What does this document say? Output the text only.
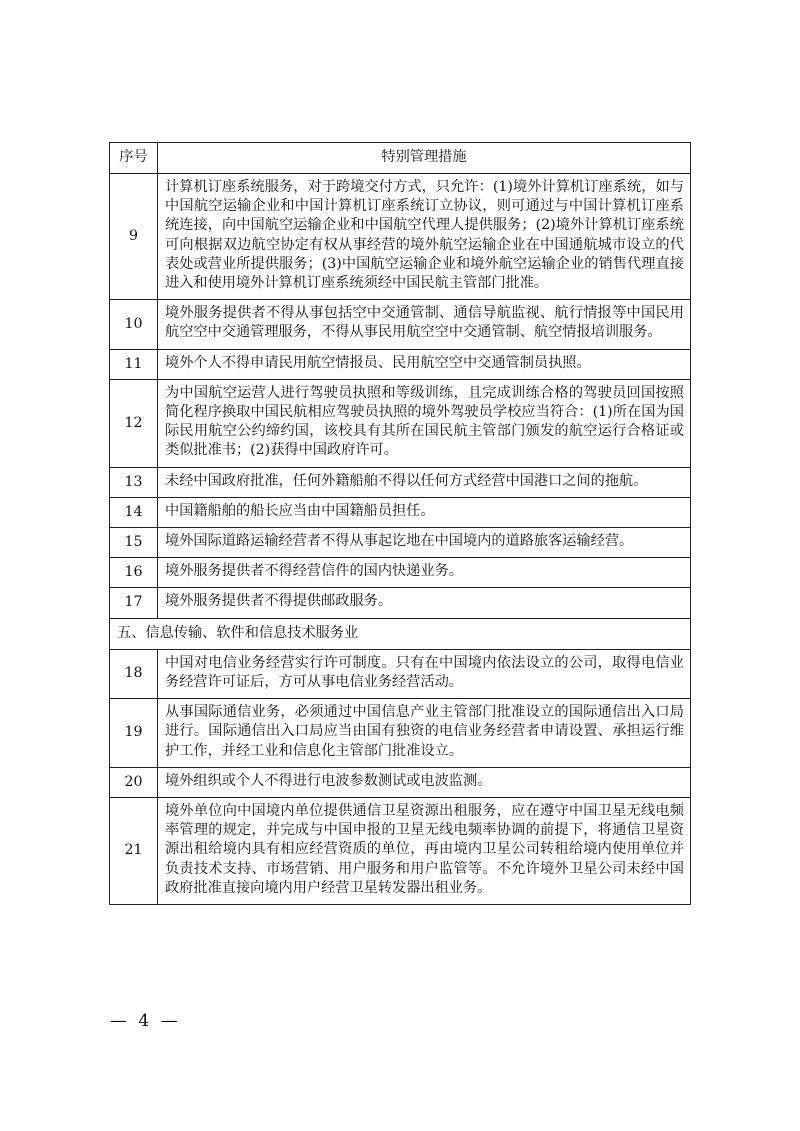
序号	特别管理措施
9	计算机订座系统服务，对于跨境交付方式，只允许：(1)境外计算机订座系统，如与中国航空运输企业和中国计算机订座系统订立协议，则可通过与中国计算机订座系统连接，向中国航空运输企业和中国航空代理人提供服务；(2)境外计算机订座系统可向根据双边航空协定有权从事经营的境外航空运输企业在中国通航城市设立的代表处或营业所提供服务；(3)中国航空运输企业和境外航空运输企业的销售代理直接进入和使用境外计算机订座系统须经中国民航主管部门批准。
10	境外服务提供者不得从事包括空中交通管制、通信导航监视、航行情报等中国民用航空空中交通管理服务，不得从事民用航空空中交通管制、航空情报培训服务。
11	境外个人不得申请民用航空情报员、民用航空空中交通管制员执照。
12	为中国航空运营人进行驾驶员执照和等级训练，且完成训练合格的驾驶员回国按照简化程序换取中国民航相应驾驶员执照的境外驾驶员学校应当符合：(1)所在国为国际民用航空公约缔约国，该校具有其所在国民航主管部门颁发的航空运行合格证或类似批准书；(2)获得中国政府许可。
13	未经中国政府批准，任何外籍船舶不得以任何方式经营中国港口之间的拖航。
14	中国籍船舶的船长应当由中国籍船员担任。
15	境外国际道路运输经营者不得从事起讫地在中国境内的道路旅客运输经营。
16	境外服务提供者不得经营信件的国内快递业务。
17	境外服务提供者不得提供邮政服务。
五、信息传输、软件和信息技术服务业	
18	中国对电信业务经营实行许可制度。只有在中国境内依法设立的公司，取得电信业务经营许可证后，方可从事电信业务经营活动。
19	从事国际通信业务，必须通过中国信息产业主管部门批准设立的国际通信出入口局进行。国际通信出入口局应当由国有独资的电信业务经营者申请设置、承担运行维护工作，并经工业和信息化主管部门批准设立。
20	境外组织或个人不得进行电波参数测试或电波监测。
21	境外单位向中国境内单位提供通信卫星资源出租服务，应在遵守中国卫星无线电频率管理的规定，并完成与中国申报的卫星无线电频率协调的前提下，将通信卫星资源出租给境内具有相应经营资质的单位，再由境内卫星公司转租给境内使用单位并负责技术支持、市场营销、用户服务和用户监管等。不允许境外卫星公司未经中国政府批准直接向境内用户经营卫星转发器出租业务。
— 4 —
